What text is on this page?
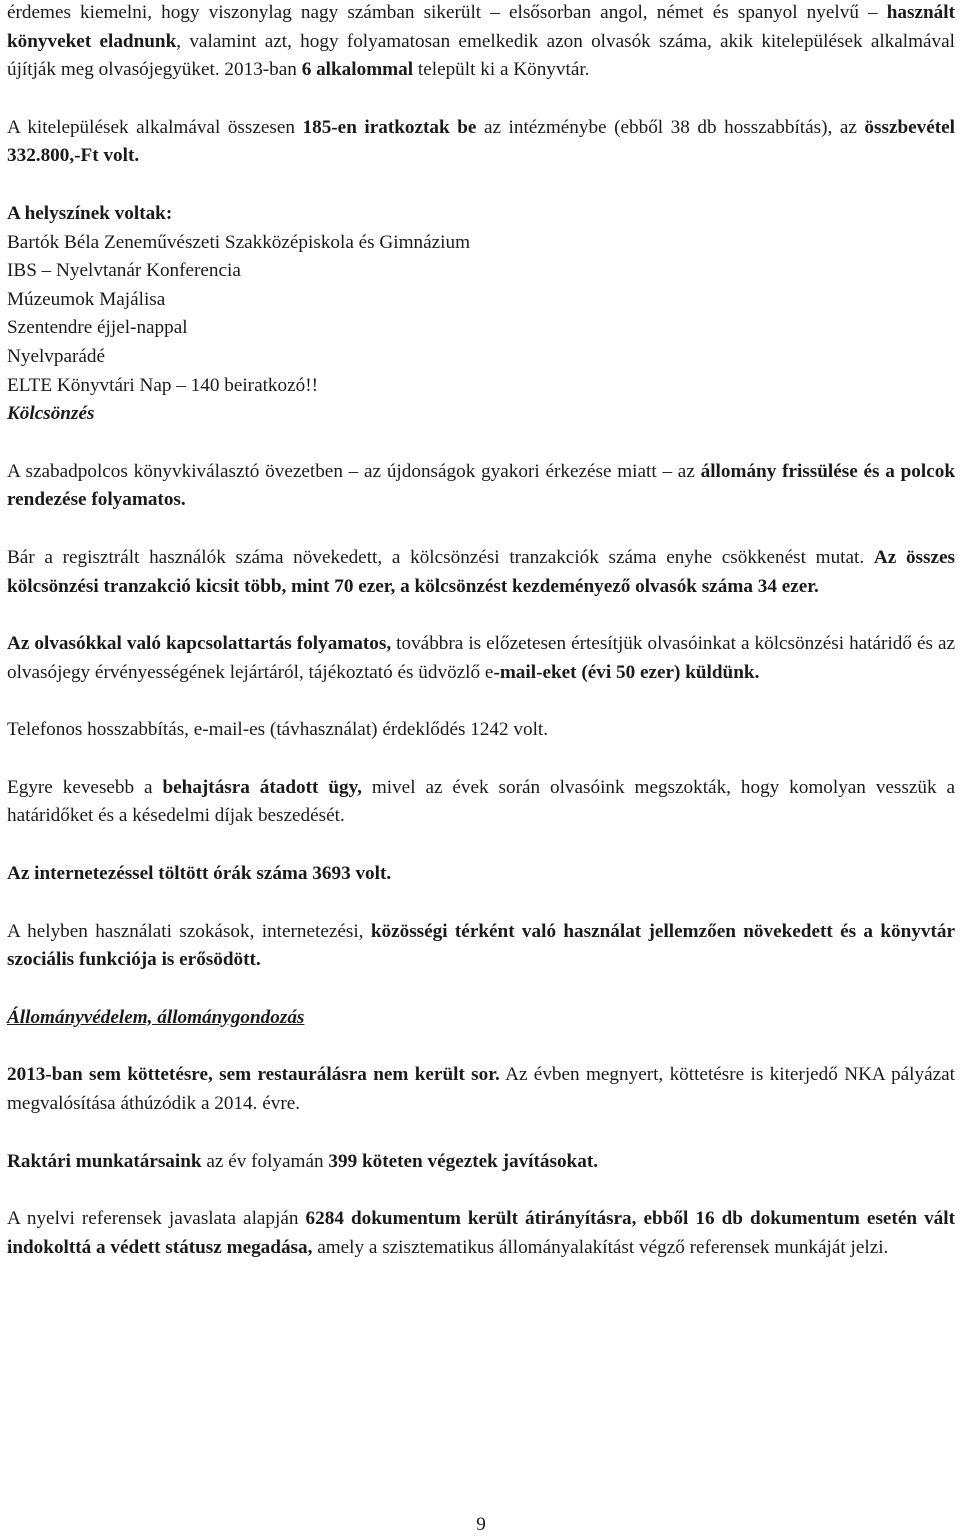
érdemes kiemelni, hogy viszonylag nagy számban sikerült – elsősorban angol, német és spanyol nyelvű – használt könyveket eladnunk, valamint azt, hogy folyamatosan emelkedik azon olvasók száma, akik kitelepülések alkalmával újítják meg olvasójegyüket. 2013-ban 6 alkalommal települt ki a Könyvtár.

A kitelepülések alkalmával összesen 185-en iratkoztak be az intézménybe (ebből 38 db hosszabbítás), az összbevétel 332.800,-Ft volt.

A helyszínek voltak:

Bartók Béla Zeneművészeti Szakközépiskola és Gimnázium

IBS – Nyelvtanár Konferencia

Múzeumok Majálisa

Szentendre éjjel-nappal

Nyelvparádé

ELTE Könyvtári Nap – 140 beiratkozó!!

Kölcsönzés

A szabadpolcos könyvkiválasztó övezetben – az újdonságok gyakori érkezése miatt – az állomány frissülése és a polcok rendezése folyamatos.

Bár a regisztrált használók száma növekedett, a kölcsönzési tranzakciók száma enyhe csökkenést mutat. Az összes kölcsönzési tranzakció kicsit több, mint 70 ezer, a kölcsönzést kezdeményező olvasók száma 34 ezer.

Az olvasókkal való kapcsolattartás folyamatos, továbbra is előzetesen értesítjük olvasóinkat a kölcsönzési határidő és az olvasójegy érvényességének lejártáról, tájékoztató és üdvözlő e-mail-eket (évi 50 ezer) küldünk.

Telefonos hosszabbítás, e-mail-es (távhasználat) érdeklődés 1242 volt.

Egyre kevesebb a behajtásra átadott ügy, mivel az évek során olvasóink megszokták, hogy komolyan vesszük a határidőket és a késedelmi díjak beszedését.

Az internetezéssel töltött órák száma 3693 volt.

A helyben használati szokások, internetezési, közösségi térként való használat jellemzően növekedett és a könyvtár szociális funkciója is erősödött.

Állományvédelem, állománygondozás

2013-ban sem köttetésre, sem restaurálásra nem került sor. Az évben megnyert, köttetésre is kiterjedő NKA pályázat megvalósítása áthúzódik a 2014. évre.

Raktári munkatársaink az év folyamán 399 köteten végeztek javításokat.

A nyelvi referensek javaslata alapján 6284 dokumentum került átirányításra, ebből 16 db dokumentum esetén vált indokolttá a védett státusz megadása, amely a szisztematikus állományalakítást végző referensek munkáját jelzi.

9
